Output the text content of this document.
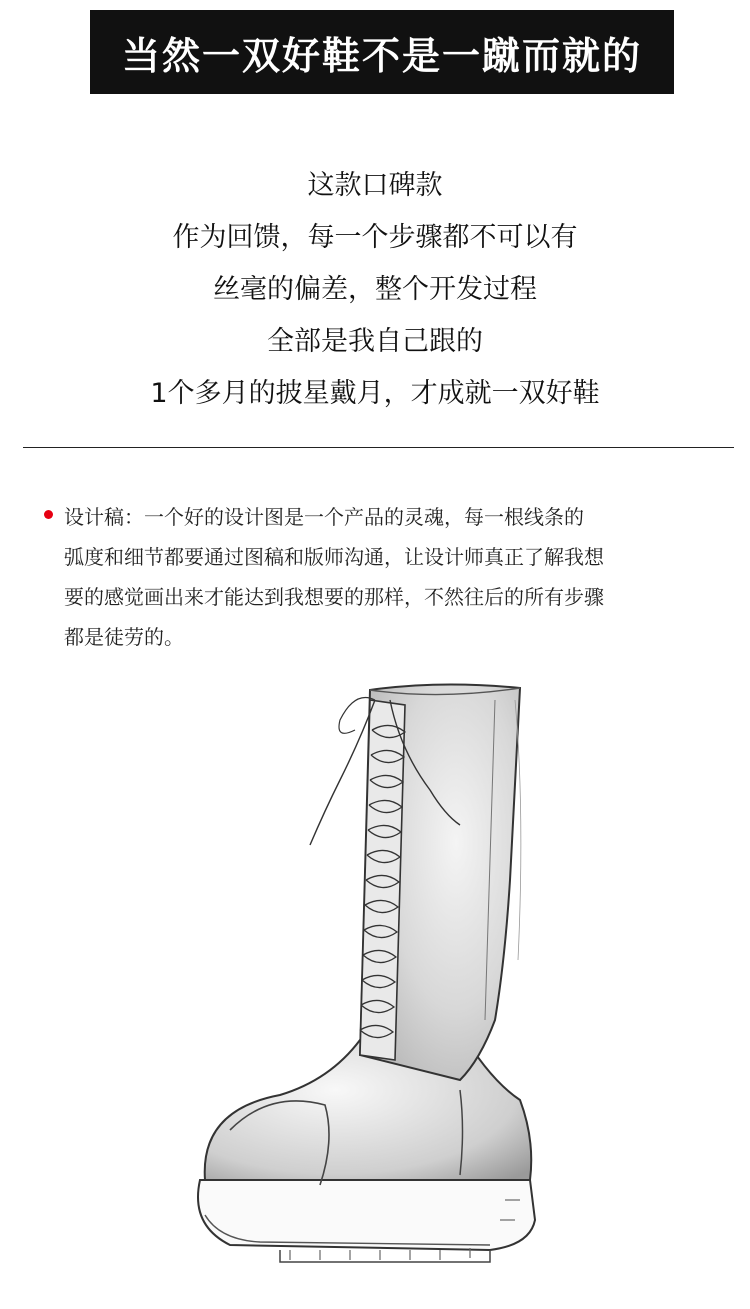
当然一双好鞋不是一蹴而就的
这款口碑款
作为回馈，每一个步骤都不可以有
丝毫的偏差，整个开发过程
全部是我自己跟的
1个多月的披星戴月，才成就一双好鞋
设计稿：一个好的设计图是一个产品的灵魂，每一根线条的
弧度和细节都要通过图稿和版师沟通，让设计师真正了解我想
要的感觉画出来才能达到我想要的那样，不然往后的所有步骤
都是徒劳的。
